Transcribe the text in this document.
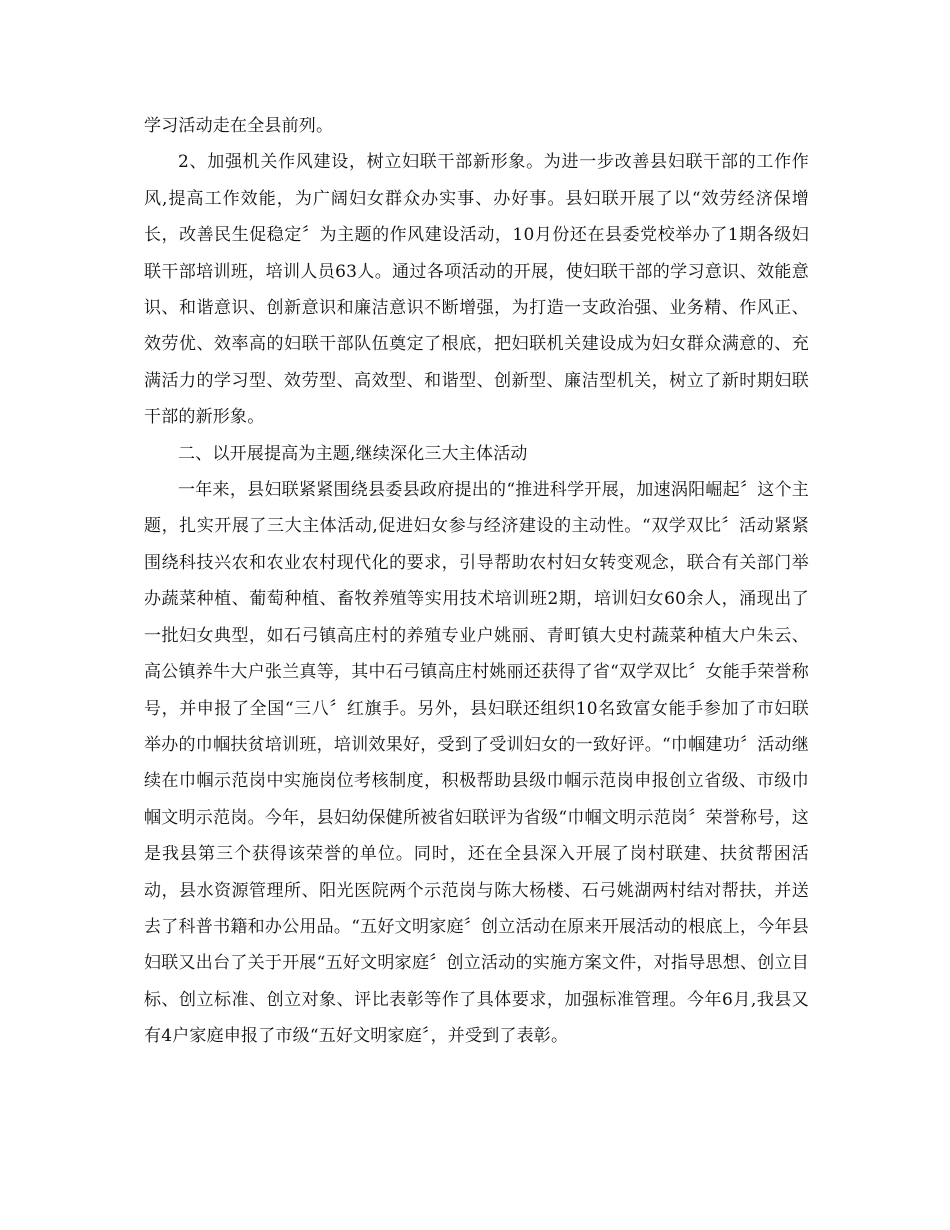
学习活动走在全县前列。

2、加强机关作风建设，树立妇联干部新形象。为进一步改善县妇联干部的工作作风,提高工作效能，为广阔妇女群众办实事、办好事。县妇联开展了以“效劳经济保增长，改善民生促稳定〞为主题的作风建设活动，10月份还在县委党校举办了1期各级妇联干部培训班，培训人员63人。通过各项活动的开展，使妇联干部的学习意识、效能意识、和谐意识、创新意识和廉洁意识不断增强，为打造一支政治强、业务精、作风正、效劳优、效率高的妇联干部队伍奠定了根底，把妇联机关建设成为妇女群众满意的、充满活力的学习型、效劳型、高效型、和谐型、创新型、廉洁型机关，树立了新时期妇联干部的新形象。

二、以开展提高为主题,继续深化三大主体活动

一年来，县妇联紧紧围绕县委县政府提出的“推进科学开展，加速涡阳崛起〞这个主题，扎实开展了三大主体活动,促进妇女参与经济建设的主动性。“双学双比〞活动紧紧围绕科技兴农和农业农村现代化的要求，引导帮助农村妇女转变观念，联合有关部门举办蔬菜种植、葡萄种植、畜牧养殖等实用技术培训班2期，培训妇女60余人，涌现出了一批妇女典型，如石弓镇高庄村的养殖专业户姚丽、青町镇大史村蔬菜种植大户朱云、高公镇养牛大户张兰真等，其中石弓镇高庄村姚丽还获得了省“双学双比〞女能手荣誉称号，并申报了全国“三八〞红旗手。另外，县妇联还组织10名致富女能手参加了市妇联举办的巾帼扶贫培训班，培训效果好，受到了受训妇女的一致好评。“巾帼建功〞活动继续在巾帼示范岗中实施岗位考核制度，积极帮助县级巾帼示范岗申报创立省级、市级巾帼文明示范岗。今年，县妇幼保健所被省妇联评为省级“巾帼文明示范岗〞荣誉称号，这是我县第三个获得该荣誉的单位。同时，还在全县深入开展了岗村联建、扶贫帮困活动，县水资源管理所、阳光医院两个示范岗与陈大杨楼、石弓姚湖两村结对帮扶，并送去了科普书籍和办公用品。“五好文明家庭〞创立活动在原来开展活动的根底上，今年县妇联又出台了关于开展“五好文明家庭〞创立活动的实施方案文件，对指导思想、创立目标、创立标准、创立对象、评比表彰等作了具体要求，加强标准管理。今年6月,我县又有4户家庭申报了市级“五好文明家庭〞，并受到了表彰。
